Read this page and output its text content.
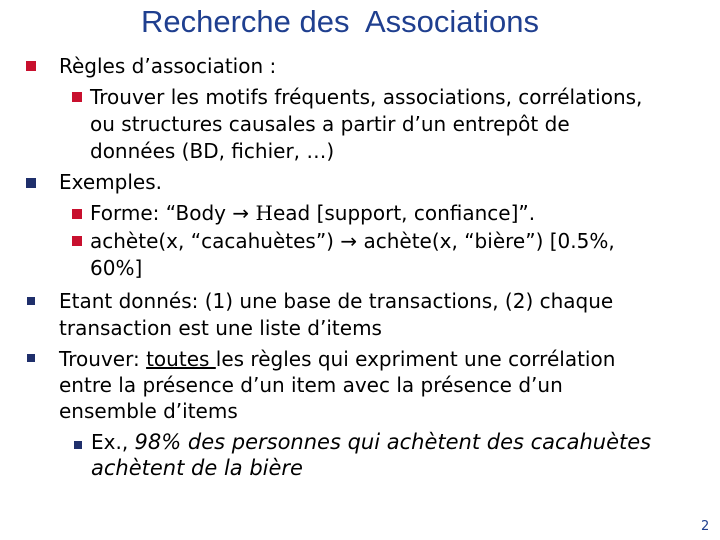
Recherche des  Associations
Règles d’association :
Trouver les motifs fréquents, associations, corrélations,
ou structures causales a partir d’un entrepôt de
données (BD, fichier, …)
Exemples.
Forme: “Body → Head [support, confiance]”.
achète(x, “cacahuètes”) → achète(x, “bière”) [0.5%,
60%]
Etant donnés: (1) une base de transactions, (2) chaque
transaction est une liste d’items
Trouver: toutes les règles qui expriment une corrélation
entre la présence d’un item avec la présence d’un
ensemble d’items
Ex., 98% des personnes qui achètent des cacahuètes
achètent de la bière
2
